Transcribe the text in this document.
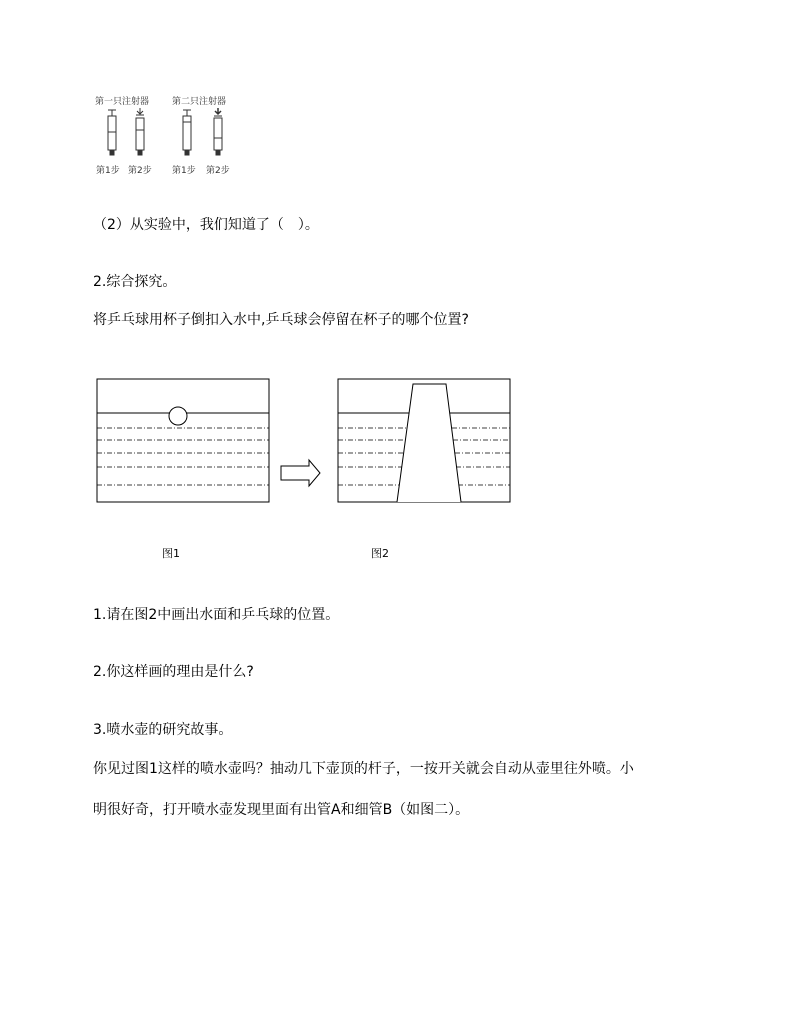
第一只注射器	第二只注射器
第1步 第2步 第1步 第2步
（2）从实验中，我们知道了（　）。
2.综合探究。
将乒乓球用杯子倒扣入水中,乒乓球会停留在杯子的哪个位置?
图1	图2
1.请在图2中画出水面和乒乓球的位置。
2.你这样画的理由是什么?
3.喷水壶的研究故事。
你见过图1这样的喷水壶吗？抽动几下壶顶的杆子，一按开关就会自动从壶里往外喷。小
明很好奇，打开喷水壶发现里面有出管A和细管B（如图二）。
